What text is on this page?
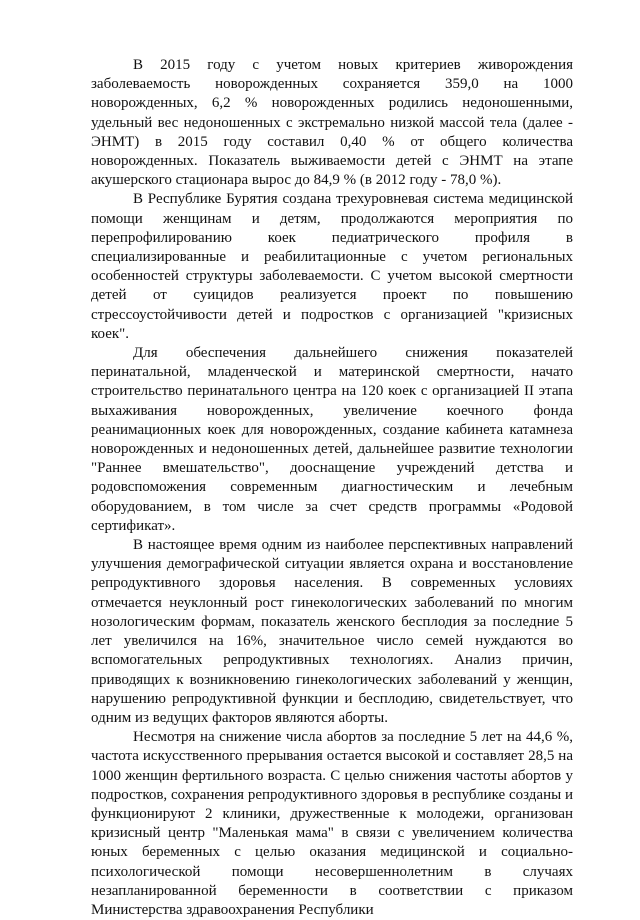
В 2015 году с учетом новых критериев живорождения заболеваемость новорожденных сохраняется 359,0 на 1000 новорожденных, 6,2 % новорожденных родились недоношенными, удельный вес недоношенных с экстремально низкой массой тела (далее - ЭНМТ) в 2015 году составил 0,40 % от общего количества новорожденных. Показатель выживаемости детей с ЭНМТ на этапе акушерского стационара вырос до 84,9 % (в 2012 году - 78,0 %).

В Республике Бурятия создана трехуровневая система медицинской помощи женщинам и детям, продолжаются мероприятия по перепрофилированию коек педиатрического профиля в специализированные и реабилитационные с учетом региональных особенностей структуры заболеваемости. С учетом высокой смертности детей от суицидов реализуется проект по повышению стрессоустойчивости детей и подростков с организацией "кризисных коек".

Для обеспечения дальнейшего снижения показателей перинатальной, младенческой и материнской смертности, начато строительство перинатального центра на 120 коек с организацией II этапа выхаживания новорожденных, увеличение коечного фонда реанимационных коек для новорожденных, создание кабинета катамнеза новорожденных и недоношенных детей, дальнейшее развитие технологии "Раннее вмешательство", дооснащение учреждений детства и родовспоможения современным диагностическим и лечебным оборудованием, в том числе за счет средств программы «Родовой сертификат».

В настоящее время одним из наиболее перспективных направлений улучшения демографической ситуации является охрана и восстановление репродуктивного здоровья населения. В современных условиях отмечается неуклонный рост гинекологических заболеваний по многим нозологическим формам, показатель женского бесплодия за последние 5 лет увеличился на 16%, значительное число семей нуждаются во вспомогательных репродуктивных технологиях. Анализ причин, приводящих к возникновению гинекологических заболеваний у женщин, нарушению репродуктивной функции и бесплодию, свидетельствует, что одним из ведущих факторов являются аборты.

Несмотря на снижение числа абортов за последние 5 лет на 44,6 %, частота искусственного прерывания остается высокой и составляет 28,5 на 1000 женщин фертильного возраста. С целью снижения частоты абортов у подростков, сохранения репродуктивного здоровья в республике созданы и функционируют 2 клиники, дружественные к молодежи, организован кризисный центр "Маленькая мама" в связи с увеличением количества юных беременных с целью оказания медицинской и социально-психологической помощи несовершеннолетним в случаях незапланированной беременности в соответствии с приказом Министерства здравоохранения Республики
